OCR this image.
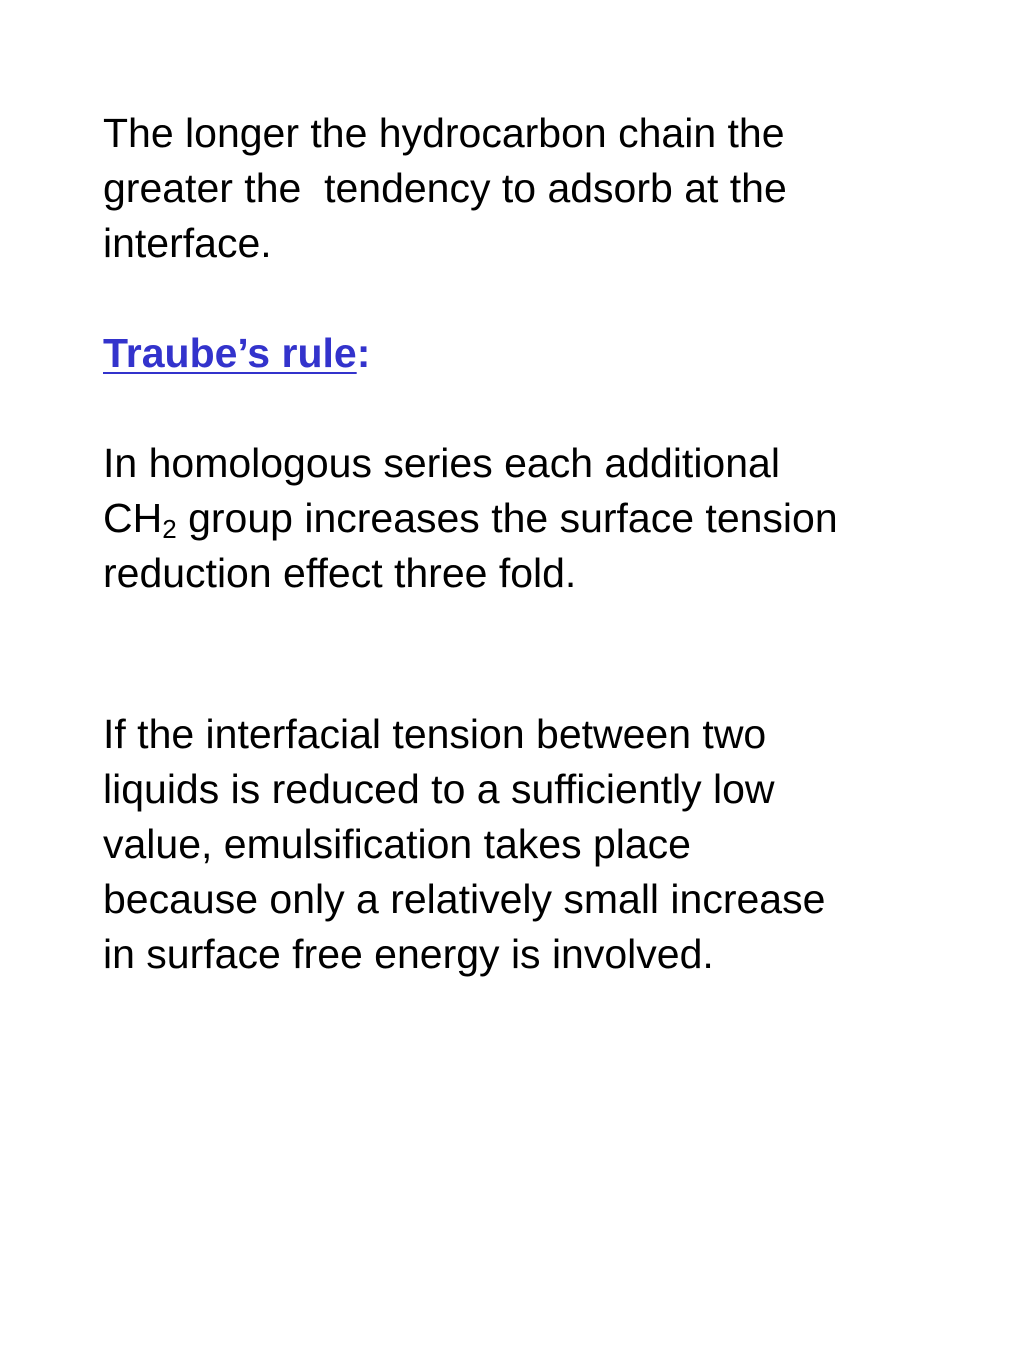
The longer the hydrocarbon chain the
greater the  tendency to adsorb at the
interface.

Traube’s rule:

In homologous series each additional
$CH_2$ group increases the surface tension
reduction effect three fold.

If the interfacial tension between two
liquids is reduced to a sufficiently low
value, emulsification takes place
because only a relatively small increase
in surface free energy is involved.
